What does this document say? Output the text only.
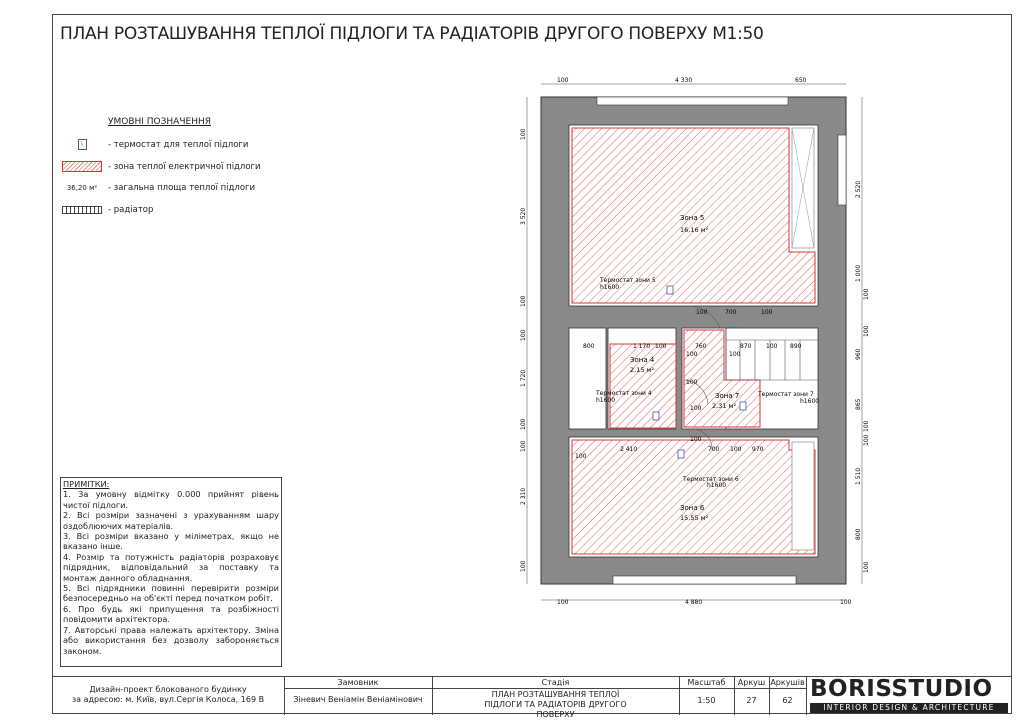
ПЛАН РОЗТАШУВАННЯ ТЕПЛОЇ ПІДЛОГИ ТА РАДІАТОРІВ ДРУГОГО ПОВЕРХУ М1:50
УМОВНІ ПОЗНАЧЕННЯ
i	- термостат для теплої підлоги
- зона теплої електричної підлоги
36,20 м² - загальна площа теплої підлоги
- радіатор
ПРИМІТКИ:
1. За умовну відмітку 0.000 прийнят рівень чистої підлоги.
2. Всі розміри зазначені з урахуванням шару оздоблюючих матеріалів.
3. Всі розміри вказано у міліметрах, якщо не вказано інше.
4. Розмір та потужність радіаторів розраховує підрядник, відповідальний за поставку та монтаж данного обладнання.
5. Всі підрядники повинні перевірити розміри безпосередньо на об'єкті перед початком робіт.
6. Про будь які припущення та розбіжності повідомити архітектора.
7. Авторські права належать архітектору. Зміна або використання без дозволу забороняється законом.
Зона 5
16,16 м²
Зона 4
2,15 м²
Зона 7
2,31 м²
Зона 6
15,55 м²
Термостат зони 5
h1600
Термостат зони 4
h1600
Термостат зони 7
h1600
Термостат зони 6
h1600
100	4 330	650
100	4 880	100
100
3 520
100
100
1 720
100
100
2 310
100
2 520
1 000
100
100
960
865
100
100
1 510
800
100
100	700	100
800	1 170 100	760	870 100 890
100	100
100
100
2 410	700 100 970
100
100
Дизайн-проект блокованого будинку
за адресою: м. Київ, вул.Сергія Колоса, 169 В
Замовник
Зіневич Веніамін Веніамінович
Стадія
ПЛАН РОЗТАШУВАННЯ ТЕПЛОЇ ПІДЛОГИ ТА РАДІАТОРІВ ДРУГОГО ПОВЕРХУ
Масштаб
1:50
Аркуш
27
Аркушів
62 BORISSTUDIO
INTERIOR DESIGN & ARCHITECTURE
